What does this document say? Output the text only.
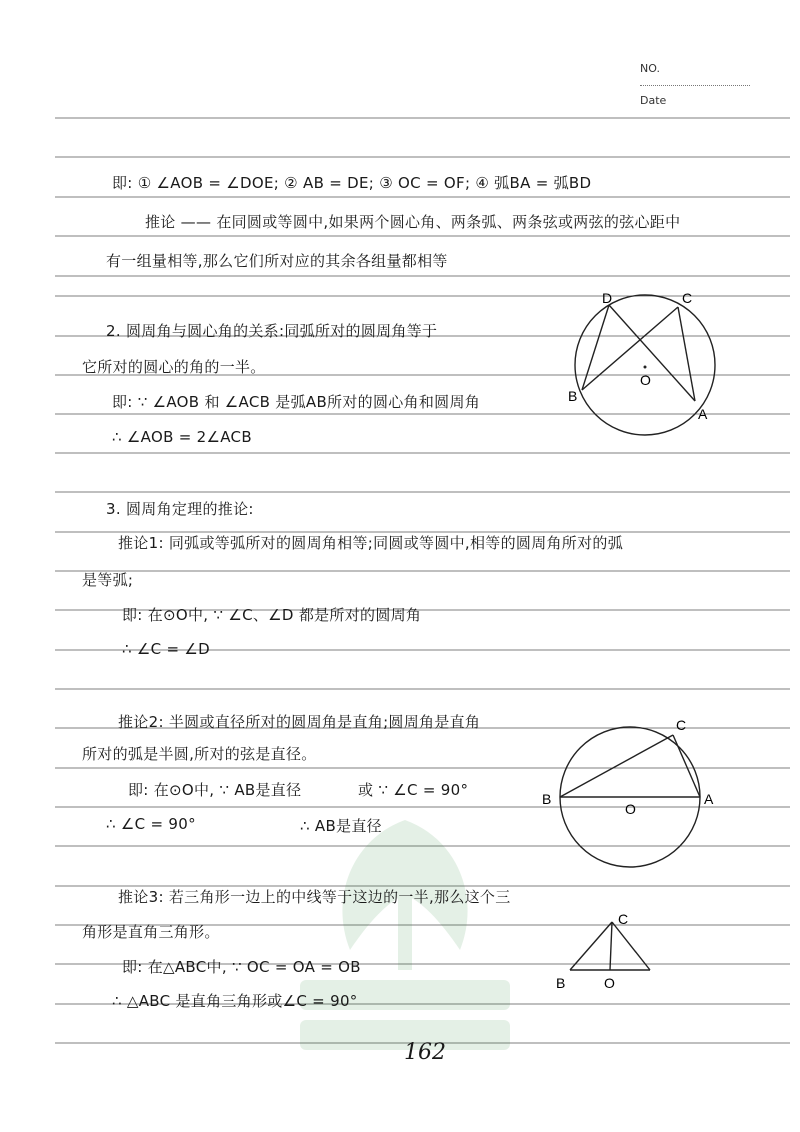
NO.
Date
即: ① ∠AOB = ∠DOE; ② AB = DE; ③ OC = OF; ④ 弧BA = 弧BD
推论 —— 在同圆或等圆中,如果两个圆心角、两条弧、两条弦或两弦的弦心距中
有一组量相等,那么它们所对应的其余各组量都相等
2. 圆周角与圆心角的关系:同弧所对的圆周角等于
它所对的圆心的角的一半。
即: ∵ ∠AOB 和 ∠ACB 是弧AB所对的圆心角和圆周角
∴ ∠AOB = 2∠ACB
3. 圆周角定理的推论:
推论1: 同弧或等弧所对的圆周角相等;同圆或等圆中,相等的圆周角所对的弧
是等弧;
即: 在⊙O中, ∵ ∠C、∠D 都是所对的圆周角
∴ ∠C = ∠D
推论2: 半圆或直径所对的圆周角是直角;圆周角是直角
所对的弧是半圆,所对的弦是直径。
即: 在⊙O中, ∵ AB是直径	或 ∵ ∠C = 90°
∴ ∠C = 90°	∴ AB是直径
推论3: 若三角形一边上的中线等于这边的一半,那么这个三
角形是直角三角形。
即: 在△ABC中, ∵ OC = OA = OB
∴ △ABC 是直角三角形或∠C = 90°
D	C
O
B
A
C
B
O
A
C
B	O
162
